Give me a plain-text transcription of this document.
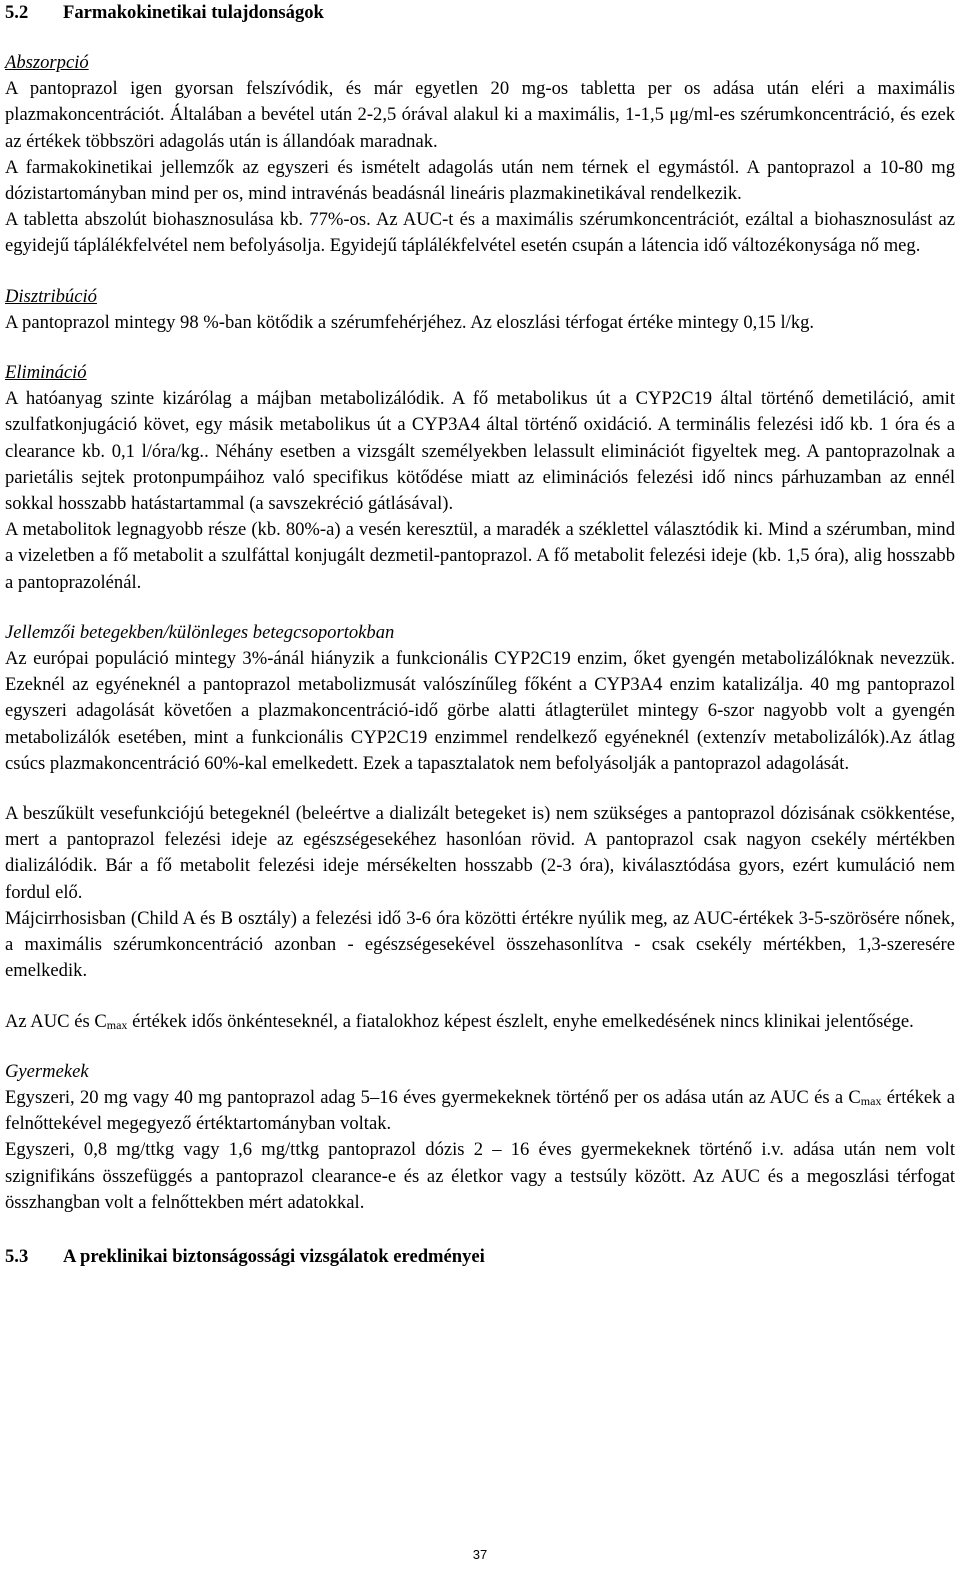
5.2	Farmakokinetikai tulajdonságok
Abszorpció

A pantoprazol igen gyorsan felszívódik, és már egyetlen 20 mg-os tabletta per os adása után eléri a maximális plazmakoncentrációt. Általában a bevétel után 2-2,5 órával alakul ki a maximális, 1-1,5 μg/ml-es szérumkoncentráció, és ezek az értékek többszöri adagolás után is állandóak maradnak.

A farmakokinetikai jellemzők az egyszeri és ismételt adagolás után nem térnek el egymástól. A pantoprazol a 10-80 mg dózistartományban mind per os, mind intravénás beadásnál lineáris plazmakinetikával rendelkezik.

A tabletta abszolút biohasznosulása kb. 77%-os. Az AUC-t és a maximális szérumkoncentrációt, ezáltal a biohasznosulást az egyidejű táplálékfelvétel nem befolyásolja. Egyidejű táplálékfelvétel esetén csupán a látencia idő változékonysága nő meg.

Disztribúció

A pantoprazol mintegy 98 %-ban kötődik a szérumfehérjéhez. Az eloszlási térfogat értéke mintegy 0,15 l/kg.

Elimináció

A hatóanyag szinte kizárólag a májban metabolizálódik. A fő metabolikus út a CYP2C19 által történő demetiláció, amit szulfatkonjugáció követ, egy másik metabolikus út a CYP3A4 által történő oxidáció. A terminális felezési idő kb. 1 óra és a clearance kb. 0,1 l/óra/kg.. Néhány esetben a vizsgált személyekben lelassult eliminációt figyeltek meg. A pantoprazolnak a parietális sejtek protonpumpáihoz való specifikus kötődése miatt az eliminációs felezési idő nincs párhuzamban az ennél sokkal hosszabb hatástartammal (a savszekréció gátlásával).

A metabolitok legnagyobb része (kb. 80%-a) a vesén keresztül, a maradék a széklettel választódik ki. Mind a szérumban, mind a vizeletben a fő metabolit a szulfáttal konjugált dezmetil-pantoprazol. A fő metabolit felezési ideje (kb. 1,5 óra), alig hosszabb a pantoprazolénál.

Jellemzői betegekben/különleges betegcsoportokban

Az európai populáció mintegy 3%-ánál hiányzik a funkcionális CYP2C19 enzim, őket gyengén metabolizálóknak nevezzük. Ezeknél az egyéneknél a pantoprazol metabolizmusát valószínűleg főként a CYP3A4 enzim katalizálja. 40 mg pantoprazol egyszeri adagolását követően a plazmakoncentráció-idő görbe alatti átlagterület mintegy 6-szor nagyobb volt a gyengén metabolizálók esetében, mint a funkcionális CYP2C19 enzimmel rendelkező egyéneknél (extenzív metabolizálók).Az átlag csúcs plazmakoncentráció 60%-kal emelkedett. Ezek a tapasztalatok nem befolyásolják a pantoprazol adagolását.

A beszűkült vesefunkciójú betegeknél (beleértve a dializált betegeket is) nem szükséges a pantoprazol dózisának csökkentése, mert a pantoprazol felezési ideje az egészségesekéhez hasonlóan rövid. A pantoprazol csak nagyon csekély mértékben dializálódik. Bár a fő metabolit felezési ideje mérsékelten hosszabb (2-3 óra), kiválasztódása gyors, ezért kumuláció nem fordul elő.

Májcirrhosisban (Child A és B osztály) a felezési idő 3-6 óra közötti értékre nyúlik meg, az AUC-értékek 3-5-szörösére nőnek, a maximális szérumkoncentráció azonban - egészségesekével összehasonlítva - csak csekély mértékben, 1,3-szeresére emelkedik.

Az AUC és $C_{max}$ értékek idős önkénteseknél, a fiatalokhoz képest észlelt, enyhe emelkedésének nincs klinikai jelentősége.

Gyermekek

Egyszeri, 20 mg vagy 40 mg pantoprazol adag 5–16 éves gyermekeknek történő per os adása után az AUC és a $C_{max}$ értékek a felnőttekével megegyező értéktartományban voltak.

Egyszeri, 0,8 mg/ttkg vagy 1,6 mg/ttkg pantoprazol dózis 2 – 16 éves gyermekeknek történő i.v. adása után nem volt szignifikáns összefüggés a pantoprazol clearance-e és az életkor vagy a testsúly között. Az AUC és a megoszlási térfogat összhangban volt a felnőttekben mért adatokkal.

5.3	A preklinikai biztonságossági vizsgálatok eredményei
37
